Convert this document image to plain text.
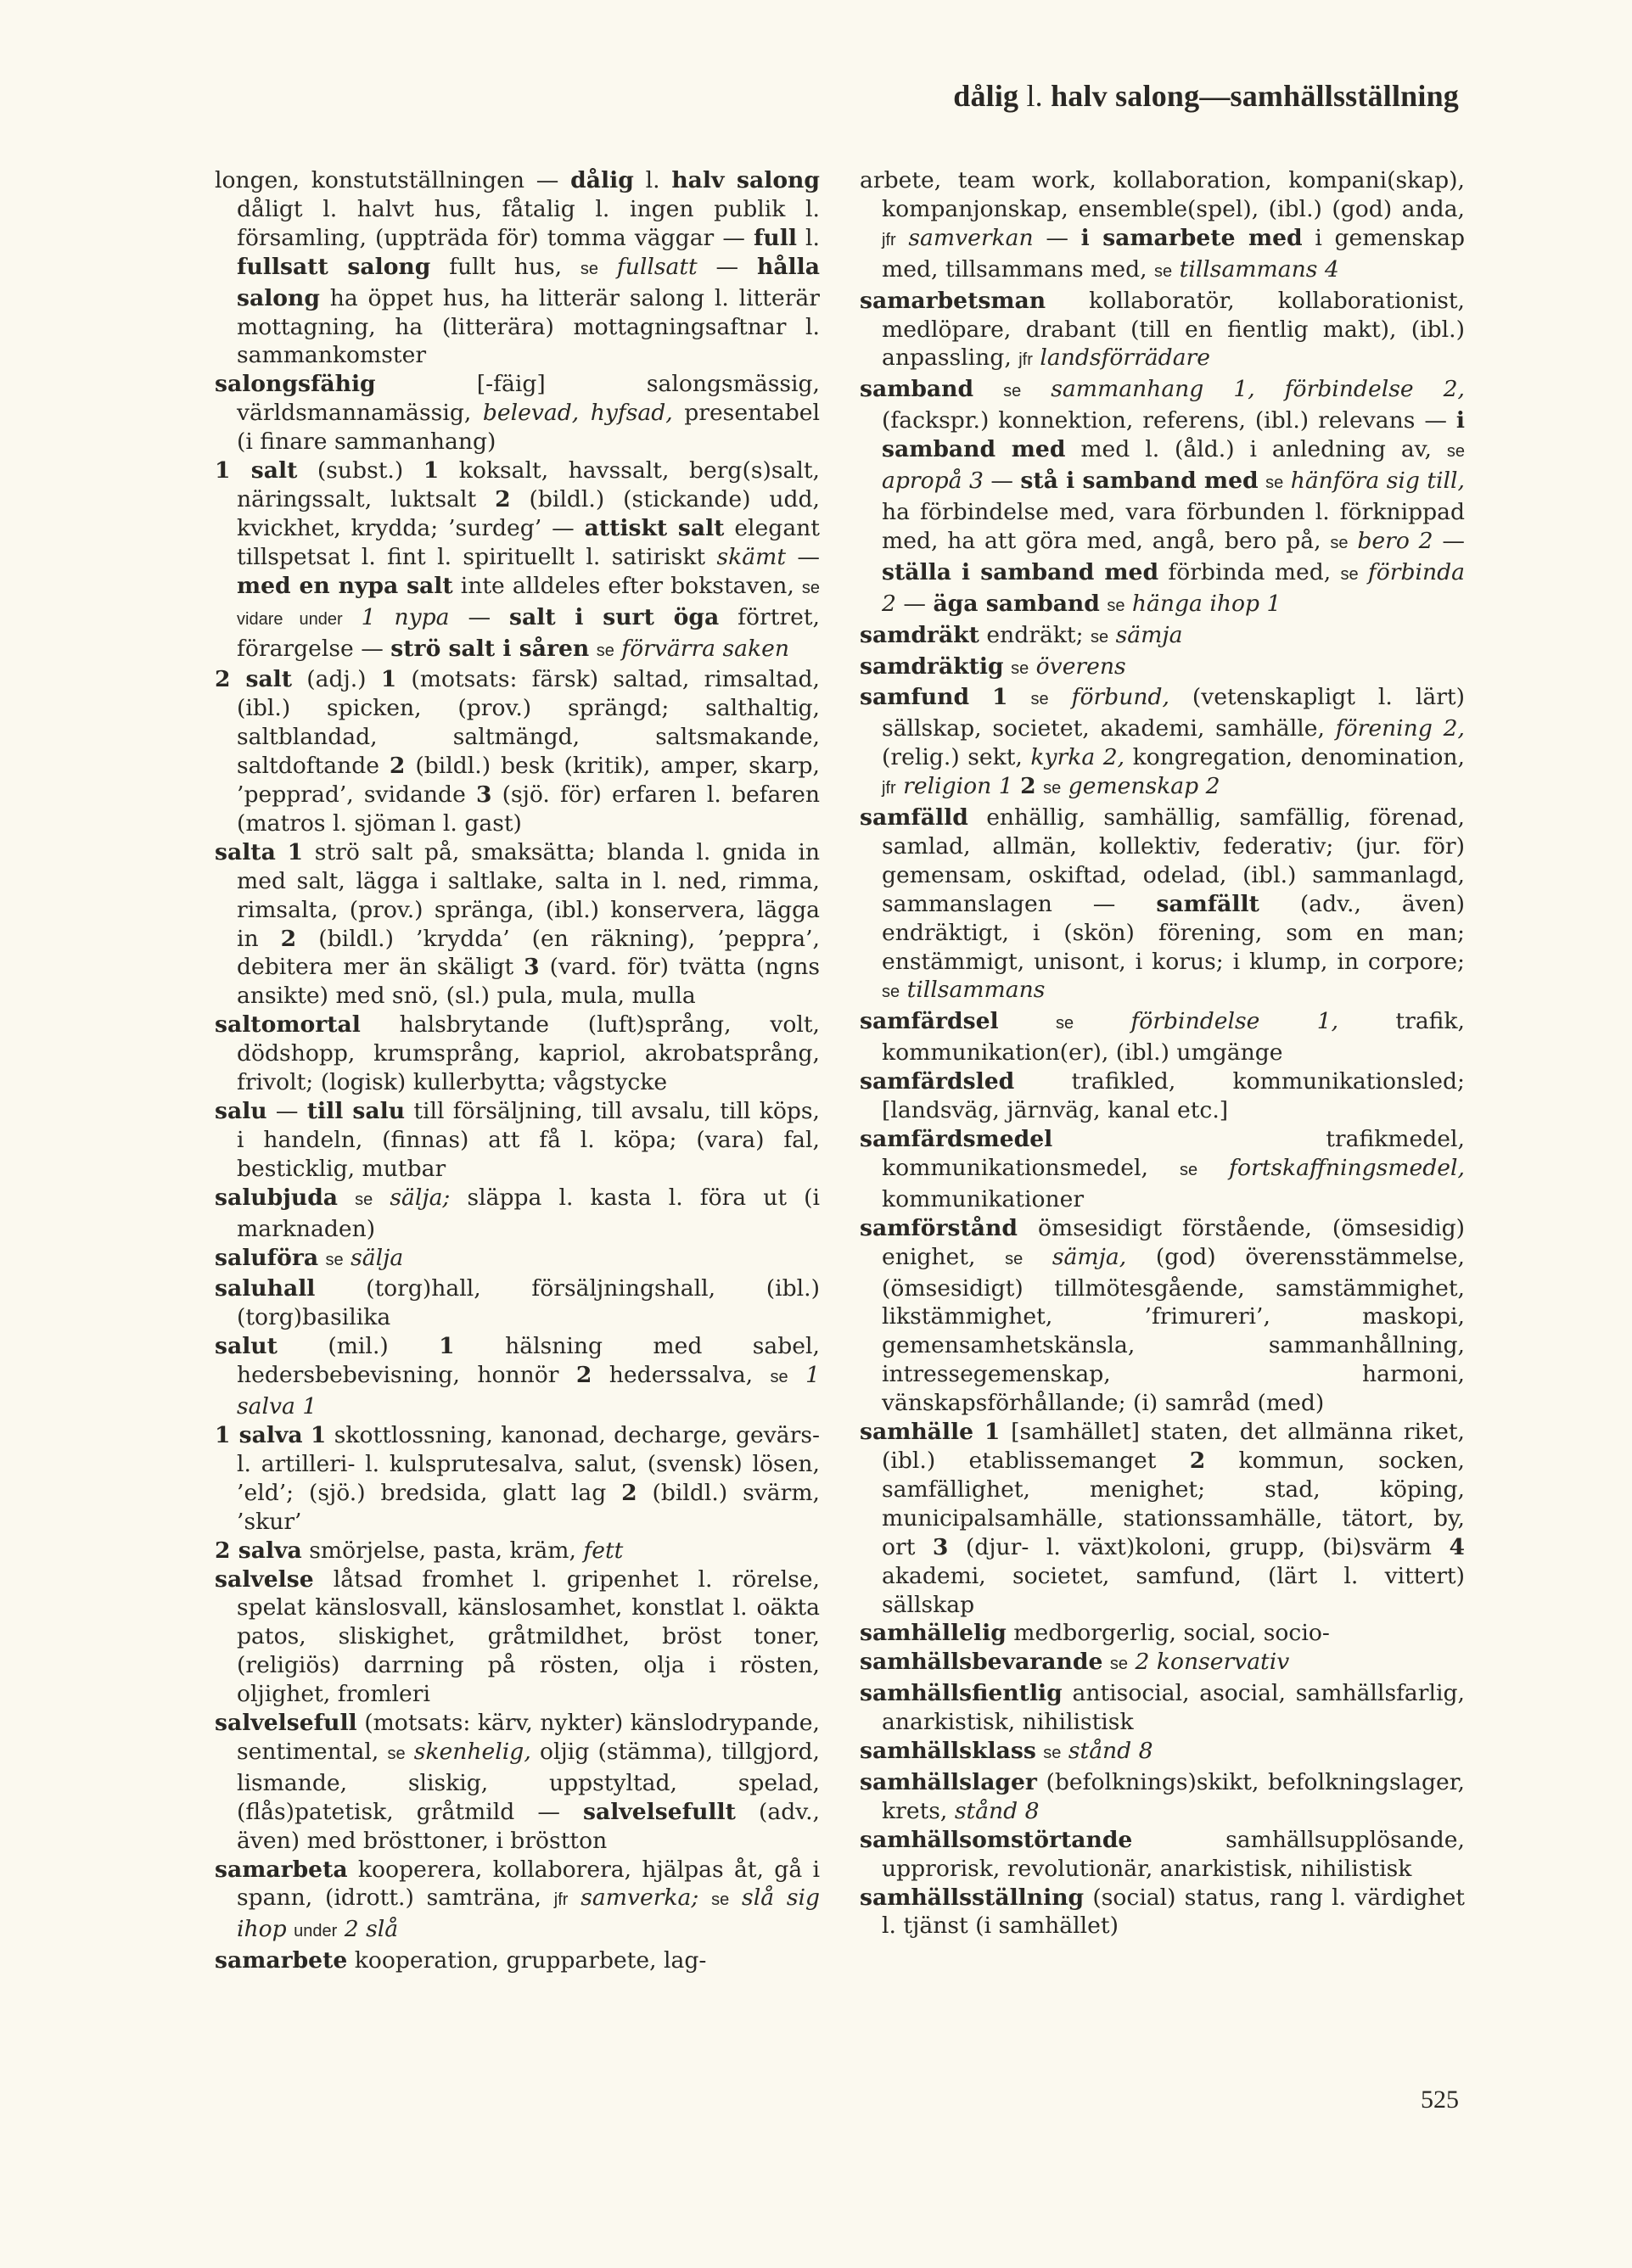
dålig l. halv salong—samhällsställning

longen, konstutställningen — dålig l. halv salong dåligt l. halvt hus, fåtalig l. ingen publik l. församling, (uppträda för) tomma väggar — full l. fullsatt salong fullt hus, se fullsatt — hålla salong ha öppet hus, ha litterär salong l. litterär mottagning, ha (litterära) mottagningsaftnar l. sammankomster

salongsfähig [-fäig] salongsmässig, världsmannamässig, belevad, hyfsad, presentabel (i finare sammanhang)

1 salt (subst.) 1 koksalt, havssalt, berg(s)salt, näringssalt, luktsalt 2 (bildl.) (stickande) udd, kvickhet, krydda; ’surdeg’ — attiskt salt elegant tillspetsat l. fint l. spirituellt l. satiriskt skämt — med en nypa salt inte alldeles efter bokstaven, se vidare under 1 nypa — salt i surt öga förtret, förargelse — strö salt i såren se förvärra saken

2 salt (adj.) 1 (motsats: färsk) saltad, rimsaltad, (ibl.) spicken, (prov.) sprängd; salthaltig, saltblandad, saltmängd, saltsmakande, saltdoftande 2 (bildl.) besk (kritik), amper, skarp, ’pepprad’, svidande 3 (sjö. för) erfaren l. befaren (matros l. sjöman l. gast)

salta 1 strö salt på, smaksätta; blanda l. gnida in med salt, lägga i saltlake, salta in l. ned, rimma, rimsalta, (prov.) spränga, (ibl.) konservera, lägga in 2 (bildl.) ’krydda’ (en räkning), ’peppra’, debitera mer än skäligt 3 (vard. för) tvätta (ngns ansikte) med snö, (sl.) pula, mula, mulla

saltomortal halsbrytande (luft)språng, volt, dödshopp, krumsprång, kapriol, akrobatsprång, frivolt; (logisk) kullerbytta; vågstycke

salu — till salu till försäljning, till avsalu, till köps, i handeln, (finnas) att få l. köpa; (vara) fal, besticklig, mutbar

salubjuda se sälja; släppa l. kasta l. föra ut (i marknaden)

saluföra se sälja

saluhall (torg)hall, försäljningshall, (ibl.) (torg)basilika

salut (mil.) 1 hälsning med sabel, hedersbebevisning, honnör 2 hederssalva, se 1 salva 1

1 salva 1 skottlossning, kanonad, decharge, gevärs- l. artilleri- l. kulsprutesalva, salut, (svensk) lösen, ’eld’; (sjö.) bredsida, glatt lag 2 (bildl.) svärm, ’skur’

2 salva smörjelse, pasta, kräm, fett

salvelse låtsad fromhet l. gripenhet l. rörelse, spelat känslosvall, känslosamhet, konstlat l. oäkta patos, sliskighet, gråtmildhet, bröst toner, (religiös) darrning på rösten, olja i rösten, oljighet, fromleri

salvelsefull (motsats: kärv, nykter) känslodrypande, sentimental, se skenhelig, oljig (stämma), tillgjord, lismande, sliskig, uppstyltad, spelad, (flås)patetisk, gråtmild — salvelsefullt (adv., även) med brösttoner, i bröstton

samarbeta kooperera, kollaborera, hjälpas åt, gå i spann, (idrott.) samträna, jfr samverka; se slå sig ihop under 2 slå

samarbete kooperation, grupparbete, lag-

arbete, team work, kollaboration, kompani(skap), kompanjonskap, ensemble(spel), (ibl.) (god) anda, jfr samverkan — i samarbete med i gemenskap med, tillsammans med, se tillsammans 4

samarbetsman kollaboratör, kollaborationist, medlöpare, drabant (till en fientlig makt), (ibl.) anpassling, jfr landsförrädare

samband se sammanhang 1, förbindelse 2, (fackspr.) konnektion, referens, (ibl.) relevans — i samband med med l. (åld.) i anledning av, se apropå 3 — stå i samband med se hänföra sig till, ha förbindelse med, vara förbunden l. förknippad med, ha att göra med, angå, bero på, se bero 2 — ställa i samband med förbinda med, se förbinda 2 — äga samband se hänga ihop 1

samdräkt endräkt; se sämja

samdräktig se överens

samfund 1 se förbund, (vetenskapligt l. lärt) sällskap, societet, akademi, samhälle, förening 2, (relig.) sekt, kyrka 2, kongregation, denomination, jfr religion 1 2 se gemenskap 2

samfälld enhällig, samhällig, samfällig, förenad, samlad, allmän, kollektiv, federativ; (jur. för) gemensam, oskiftad, odelad, (ibl.) sammanlagd, sammanslagen — samfällt (adv., även) endräktigt, i (skön) förening, som en man; enstämmigt, unisont, i korus; i klump, in corpore; se tillsammans

samfärdsel	se	förbindelse 1, trafik, kommunikation(er), (ibl.) umgänge

samfärdsled trafikled, kommunikationsled; [landsväg, järnväg, kanal etc.]

samfärdsmedel trafikmedel, kommunikationsmedel, se fortskaffningsmedel, kommunikationer

samförstånd ömsesidigt förstående, (ömsesidig) enighet, se sämja, (god) överensstämmelse, (ömsesidigt) tillmötesgående, samstämmighet, likstämmighet, ’frimureri’, maskopi, gemensamhetskänsla, sammanhållning, intressegemenskap, harmoni, vänskapsförhållande; (i) samråd (med)

samhälle 1 [samhället] staten, det allmänna riket, (ibl.) etablissemanget 2 kommun, socken, samfällighet, menighet; stad, köping, municipalsamhälle, stationssamhälle, tätort, by, ort 3 (djur- l. växt)koloni, grupp, (bi)svärm 4 akademi, societet, samfund, (lärt l. vittert) sällskap

samhällelig medborgerlig, social, socio-

samhällsbevarande se 2 konservativ

samhällsfientlig antisocial, asocial, samhällsfarlig, anarkistisk, nihilistisk

samhällsklass se stånd 8

samhällslager (befolknings)skikt, befolkningslager, krets, stånd 8

samhällsomstörtande samhällsupplösande, upprorisk, revolutionär, anarkistisk, nihilistisk

samhällsställning (social) status, rang l. värdighet l. tjänst (i samhället)

525
